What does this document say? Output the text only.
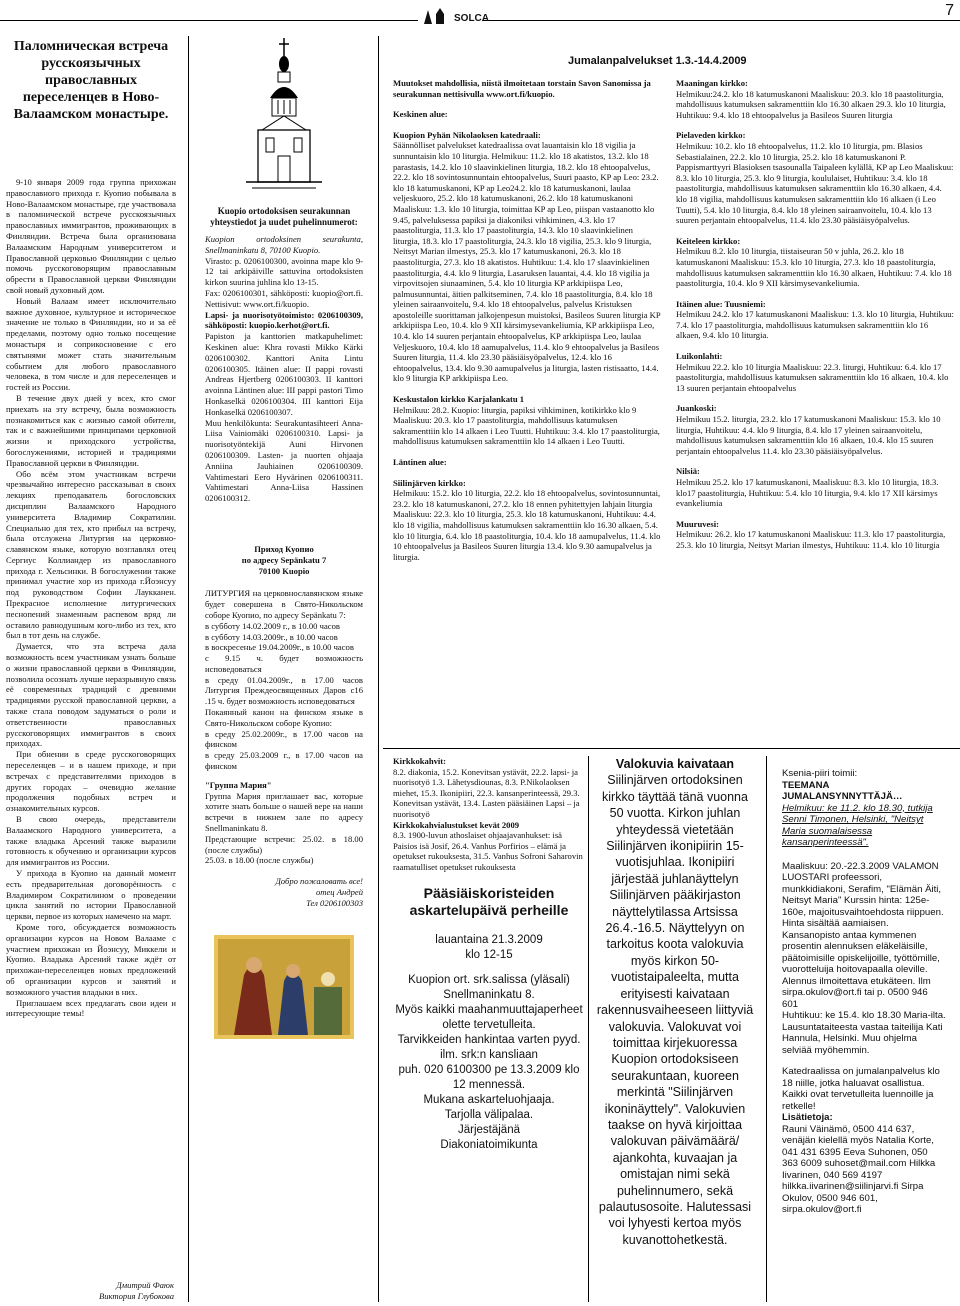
SOLCA	7
Паломническая встреча русскоязычных православных переселенцев в Ново-Валаамском монастыре.

9-10 января 2009 года группа прихожан православного прихода г. Куопио побывала в Ново-Валаамском монастыре, где участвовала в паломнической встрече русскоязычных православных иммигрантов, проживающих в Финляндии. Встреча была организована Валаамским Народным университетом и Православной церковью Финляндии с целью помочь русскоговорящим православным обрести в Православной церкви Финляндии свой новый духовный дом.

Новый Валаам имеет исключительно важное духовное, культурное и историческое значение не только в Финляндии, но и за её пределами, поэтому одно только посещение монастыря и соприкосновение с его святынями может стать значительным событием для любого православного человека, в том числе и для переселенцев и гостей из России.

В течение двух дней у всех, кто смог приехать на эту встречу, была возможность познакомиться как с жизнью самой обители, так и с важнейшими принципами церковной жизни и приходского устройства, богослужениями, историей и традициями Православной церкви в Финляндии.

Обо всём этом участникам встречи чрезвычайно интересно рассказывал в своих лекциях преподаватель богословских дисциплин Валаамского Народного университета Владимир Сократилин. Специально для тех, кто прибыл на встречу, была отслужена Литургия на церковно-славянском языке, которую возглавлял отец Сергиус Коллиандер из православного прихода г. Хельсинки. В богослужении также принимал участие хор из прихода г.Йоэнсуу под руководством Софии Лаукканен. Прекрасное исполнение литургических песнопений знаменным распевом вряд ли оставило равнодушным кого-либо из тех, кто был в тот день на службе.

Думается, что эта встреча дала возможность всем участникам узнать больше о жизни православной церкви в Финляндии, позволила осознать лучше неразрывную связь её современных традиций с древними традициями русской православной церкви, а также стала поводом задуматься о роли и ответственности православных русскоговорящих иммигрантов в своих приходах.

При обнении в среде русскоговорящих переселенцев – и в нашем приходе, и при встречах с представителями приходов в других городах – очевидно желание продолжения подобных встреч и ознакомительных курсов.

В свою очередь, представители Валаамского Народного университета, а также владыка Арсений также выразили готовность к обучению и организации курсов для иммигрантов из России.

У прихода в Куопио на данный момент есть предварительная договорённость с Владимиром Сократилином о проведении цикла занятий по истории Православной церкви, первое из которых намечено на март.

Кроме того, обсуждается возможность организации курсов на Новом Валааме с участием прихожан из Йоэнсуу, Миккели и Куопио. Владыка Арсений также ждёт от прихожан-переселенцев новых предложений об организации курсов и занятий и возможного участия владыки в них.

Приглашаем всех предлагать свои идеи и интересующие темы!

Дмитрий Фаюк
Виктория Глубокова
Kuopio ortodoksisen seurakunnan yhteystiedot ja uudet puhelinnumerot:
Kuopion ortodoksinen seurakunta, Snellmaninkatu 8, 70100 Kuopio.
Virasto: p. 0206100300, avoinna mape klo 9-12 tai arkipäiville sattuvina ortodoksisten kirkon suurina juhlina klo 13-15.
Fax: 0206100301, sähköposti: kuopio@ort.fi. Nettisivut: www.ort.fi/kuopio.
Lapsi- ja nuorisotyötoimisto: 0206100309, sähköposti: kuopio.kerhot@ort.fi.
Papiston ja kanttorien matkapuhelimet: Keskinen alue: Khra rovasti Mikko Kärki 0206100302. Kanttori Anita Lintu 0206100305. Itäinen alue: II pappi rovasti Andreas Hjertberg 0206100303. II kanttori avoinna Läntinen alue: III pappi pastori Timo Honkaselkä 0206100304. III kanttori Eija Honkaselkä 0206100307.
Muu henkilökunta: Seurakuntasihteeri Anna-Liisa Vainiomäki 0206100310. Lapsi- ja nuorisotyöntekijä Auni Hirvonen 0206100309. Lasten- ja nuorten ohjaaja Anniina Jauhiainen 0206100309. Vahtimestari Eero Hyvärinen 0206100311. Vahtimestari Anna-Liisa Hassinen 0206100312.
Приход Куопио
по адресу Sepänkatu 7
70100 Kuopio
ЛИТУРГИЯ на церковнославянском языке будет совершена в Свято-Никольском соборе Куопио, по адресу Sepänkatu 7:
в субботу 14.02.2009 г., в 10.00 часов
в субботу 14.03.2009г., в 10.00 часов
в воскресенье 19.04.2009г., в 10.00 часов
с 9.15 ч. будет возможность исповедоваться
в среду 01.04.2009г., в 17.00 часов Литургия Преждеосвященных Даров с16 .15 ч. будет возможность исповедоваться
Покаянный канон на финском языке в Свято-Никольском соборе Куопио:
в среду 25.02.2009г., в 17.00 часов на финском
в среду 25.03.2009 г., в 17.00 часов на финском
"Группа Мария"
Группа Мария приглашает вас, которые хотите знать больше о нашей вере на наши встречи в нижнем зале по адресу Snellmaninkatu 8.
Предстающие встречи: 25.02. в 18.00 (после службы)
25.03. в 18.00 (после службы)
Добро пожаловать все!
отец Андрей
Тел 0206100303
Jumalanpalvelukset 1.3.-14.4.2009

Muutokset mahdollisia, niistä ilmoitetaan torstain Savon Sanomissa ja seurakunnan nettisivulla www.ort.fi/kuopio.

Keskinen alue:

Kuopion Pyhän Nikolaoksen katedraali:
Säännölliset palvelukset katedraalissa ovat lauantaisin klo 18 vigilia ja sunnuntaisin klo 10 liturgia. Helmikuu: 11.2. klo 18 akatistos, 13.2. klo 18 parastasis, 14.2. klo 10 slaavinkielinen liturgia, 18.2. klo 18 ehtoopalvelus, 22.2. klo 18 sovintosunnuntain ehtoopalvelus, Suuri paasto, KP ap Leo: 23.2. klo 18 katumuskanoni, KP ap Leo24.2. klo 18 katumuskanoni, laulaa veljeskuoro, 25.2. klo 18 katumuskanoni, 26.2. klo 18 katumuskanoni Maaliskuu: 1.3. klo 10 liturgia, toimittaa KP ap Leo, piispan vastaanotto klo 9.45, palveluksessa papiksi ja diakoniksi vihkiminen, 4.3. klo 17 paastoliturgia, 11.3. klo 17 paastoliturgia, 14.3. klo 10 slaavinkielinen liturgia, 18.3. klo 17 paastoliturgia, 24.3. klo 18 vigilia, 25.3. klo 9 liturgia, Neitsyt Marian ilmestys, 25.3. klo 17 katumuskanoni, 26.3. klo 18 paastoliturgia, 27.3. klo 18 akatistos. Huhtikuu: 1.4. klo 17 slaavinkielinen paastoliturgia, 4.4. klo 9 liturgia, Lasaruksen lauantai, 4.4. klo 18 vigilia ja virpovitsojen siunaaminen, 5.4. klo 10 liturgia KP arkkipiispa Leo, palmusunnuntai, äitien palkitseminen, 7.4. klo 18 paastoliturgia, 8.4. klo 18 yleinen sairaanvoitelu, 9.4. klo 18 ehtoopalvelus, palvelus Kristuksen apostoleille suorittaman jalkojenpesun muistoksi, Basileos Suuren liturgia KP arkkipiispa Leo, 10.4. klo 9 XII kärsimysevankeliumia, KP arkkipiispa Leo, 10.4. klo 14 suuren perjantain ehtoopalvelus, KP arkkipiispa Leo, laulaa Veljeskuoro, 10.4. klo 18 aamupalvelus, 11.4. klo 9 ehtoopalvelus ja Basileos Suuren liturgia, 11.4. klo 23.30 pääsiäisyöpalvelus, 12.4. klo 16 ehtoopalvelus, 13.4. klo 9.30 aamupalvelus ja liturgia, lasten ristisaatto, 14.4. klo 9 liturgia KP arkkipiispa Leo.

Keskustalon kirkko Karjalankatu 1
Helmikuu: 28.2. Kuopio: liturgia, papiksi vihkiminen, kotikirkko klo 9 Maaliskuu: 20.3. klo 17 paastoliturgia, mahdollisuus katumuksen sakramenttiin klo 14 alkaen i Leo Tuutti. Huhtikuu: 3.4. klo 17 paastoliturgia, mahdollisuus katumuksen sakramenttiin klo 14 alkaen i Leo Tuutti.

Läntinen alue:

Siilinjärven kirkko:
Helmikuu: 15.2. klo 10 liturgia, 22.2. klo 18 ehtoopalvelus, sovintosunnuntai, 23.2. klo 18 katumuskanoni, 27.2. klo 18 ennen pyhitettyjen lahjain liturgia Maaliskuu: 22.3. klo 10 liturgia, 25.3. klo 18 katumuskanoni, Huhtikuu: 4.4. klo 18 vigilia, mahdollisuus katumuksen sakramenttiin klo 16.30 alkaen, 5.4. klo 10 liturgia, 6.4. klo 18 paastoliturgia, 10.4. klo 18 aamupalvelus, 11.4. klo 10 ehtoopalvelus ja Basileos Suuren liturgia 13.4. klo 9.30 aamupalvelus ja liturgia.

Maaningan kirkko:
Helmikuu:24.2. klo 18 katumuskanoni Maaliskuu: 20.3. klo 18 paastoliturgia, mahdollisuus katumuksen sakramenttiin klo 16.30 alkaen 29.3. klo 10 liturgia, Huhtikuu: 9.4. klo 18 ehtoopalvelus ja Basileos Suuren liturgia

Pielaveden kirkko:
Helmikuu: 10.2. klo 18 ehtoopalvelus, 11.2. klo 10 liturgia, pm. Blasios Sebastialainen, 22.2. klo 10 liturgia, 25.2. klo 18 katumuskanoni P. Pappismarttyyri Blasioksen tsasounalla Taipaleen kylällä, KP ap Leo Maaliskuu: 8.3. klo 10 liturgia, 25.3. klo 9 liturgia, koululaiset, Huhtikuu: 3.4. klo 18 paastoliturgia, mahdollisuus katumuksen sakramenttiin klo 16.30 alkaen, 4.4. klo 18 vigilia, mahdollisuus katumuksen sakramenttiin klo 16 alkaen (i Leo Tuutti), 5.4. klo 10 liturgia, 8.4. klo 18 yleinen sairaanvoitelu, 10.4. klo 13 suuren perjantain ehtoopalvelus, 11.4. klo 23.30 pääsiäisyöpalvelus.

Keiteleen kirkko:
Helmikuu 8.2. klo 10 liturgia, tiistaiseuran 50 v juhla, 26.2. klo 18 katumuskanoni Maaliskuu: 15.3. klo 10 liturgia, 27.3. klo 18 paastoliturgia, mahdollisuus katumuksen sakramenttiin klo 16.30 alkaen, Huhtikuu: 7.4. klo 18 paastoliturgia, 10.4. klo 9 XII kärsimysevankeliumia.

Itäinen alue: Tuusniemi:
Helmikuu 24.2. klo 17 katumuskanoni Maaliskuu: 1.3. klo 10 liturgia, Huhtikuu: 7.4. klo 17 paastoliturgia, mahdollisuus katumuksen sakramenttiin klo 16 alkaen, 9.4. klo 10 liturgia.

Luikonlahti:
Helmikuu 22.2. klo 10 liturgia Maaliskuu: 22.3. liturgi, Huhtikuu: 6.4. klo 17 paastoliturgia, mahdollisuus katumuksen sakramenttiin klo 16 alkaen, 10.4. klo 13 suuren perjantain ehtoopalvelus

Juankoski:
Helmikuu 15.2. liturgia, 23.2. klo 17 katumuskanoni Maaliskuu: 15.3. klo 10 liturgia, Huhtikuu: 4.4. klo 9 liturgia, 8.4. klo 17 yleinen sairaanvoitelu, mahdollisuus katumuksen sakramenttiin klo 16 alkaen, 10.4. klo 15 suuren perjantain ehtoopalvelus 11.4. klo 23.30 pääsiäisyöpalvelus.

Nilsiä:
Helmikuu 25.2. klo 17 katumuskanoni, Maaliskuu: 8.3. klo 10 liturgia, 18.3. klo17 paastoliturgia, Huhtikuu: 5.4. klo 10 liturgia, 9.4. klo 17 XII kärsimys evankeliumia

Muuruvesi:
Helmikuu: 26.2. klo 17 katumuskanoni Maaliskuu: 11.3. klo 17 paastoliturgia, 25.3. klo 10 liturgia, Neitsyt Marian ilmestys, Huhtikuu: 11.4. klo 10 liturgia

Kirkkokahvit:
8.2. diakonia, 15.2. Konevitsan ystävät, 22.2. lapsi- ja nuorisotyö 1.3. Lähetysdiounas, 8.3. P.Nikolaoksen miehet, 15.3. Ikonipiiri, 22.3. kansanperinteessä, 29.3. Konevitsan ystävät, 13.4. Lasten pääsiäinen Lapsi – ja nuorisotyö
Kirkkokahvialustukset kevät 2009
8.3. 1900-luvun athoslaiset ohjaajavanhukset: isä Paisios isä Josif, 26.4. Vanhus Porfirios – elämä ja opetukset rukouksesta, 31.5. Vanhus Sofroni Saharovin raamatulliset opetukset rukouksesta
Pääsiäiskoristeiden askartelupäivä perheille
lauantaina 21.3.2009
klo 12-15
Kuopion ort. srk.salissa (yläsali) Snellmaninkatu 8.
Myös kaikki maahanmuuttajaperheet olette tervetulleita.
Tarvikkeiden hankintaa varten pyyd. ilm. srk:n kansliaan
puh. 020 6100300 pe 13.3.2009 klo 12 mennessä.
Mukana askarteluohjaaja.
Tarjolla välipalaa.
Järjestäjänä
Diakoniatoimikunta
Valokuvia kaivataan
Siilinjärven ortodoksinen kirkko täyttää tänä vuonna 50 vuotta. Kirkon juhlan yhteydessä vietetään Siilinjärven ikonipiirin 15-vuotisjuhlaa. Ikonipiiri järjestää juhlanäyttelyn Siilinjärven pääkirjaston näyttelytilassa Artsissa 26.4.-16.5. Näyttelyyn on tarkoitus koota valokuvia myös kirkon 50-vuotistaipaleelta, mutta erityisesti kaivataan rakennusvaiheeseen liittyviä valokuvia. Valokuvat voi toimittaa kirjekuoressa Kuopion ortodoksiseen seurakuntaan, kuoreen merkintä "Siilinjärven ikoninäyttely". Valokuvien taakse on hyvä kirjoittaa valokuvan päivämäärä/ ajankohta, kuvaajan ja omistajan nimi sekä puhelinnumero, sekä palautusosoite. Halutessasi voi lyhyesti kertoa myös kuvanottohetkestä.
Ksenia-piiri toimii:
TEEMANA JUMALANSYNNYTTÄJÄ…
Helmikuu: ke 11.2. klo 18.30, tutkija Senni Timonen, Helsinki, "Neitsyt Maria suomalaisessa kansanperinteessä".
Maaliskuu: 20.-22.3.2009 VALAMON LUOSTARI profeessori, munkkidiakoni, Serafim, "Elämän Äiti, Neitsyt Maria" Kurssin hinta: 125e-160e, majoitusvaihtoehdosta riippuen. Hinta sisältää aamiaisen. Kansanopisto antaa kymmenen prosentin alennuksen eläkeläisille, päätoimisille opiskelijoille, työttömille, vuorotteluija hoitovapaalla oleville. Alennus ilmoitettava etukäteen. Ilm sirpa.okulov@ort.fi tai p. 0500 946 601
Huhtikuu: ke 15.4. klo 18.30 Maria-ilta. Lausuntataiteesta vastaa taiteilija Kati Hannula, Helsinki. Muu ohjelma selviää myöhemmin.
Katedraalissa on jumalanpalvelus klo 18 niille, jotka haluavat osallistua. Kaikki ovat tervetulleita luennoille ja retkelle!
Lisätietoja:
Rauni Väinämö, 0500 414 637, venäjän kielellä myös Natalia Korte, 041 431 6395 Eeva Suhonen, 050 363 6009 suhoset@mail.com Hilkka Iivarinen, 040 569 4197 hilkka.iivarinen@siilinjarvi.fi Sirpa Okulov, 0500 946 601, sirpa.okulov@ort.fi
